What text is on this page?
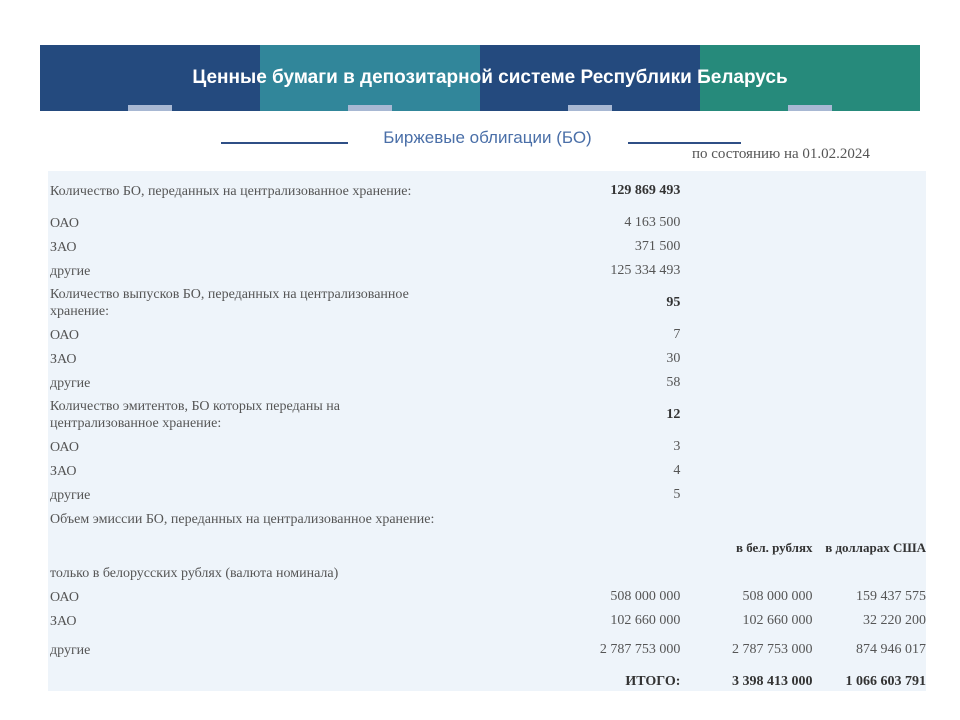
Ценные бумаги в депозитарной системе Республики Беларусь
Биржевые облигации (БО)
по состоянию на 01.02.2024
Количество БО, переданных на централизованное хранение:	129 869 493		
ОАО	4 163 500		
ЗАО	371 500		
другие	125 334 493		
Количество выпусков БО, переданных на централизованное хранение:	95		
ОАО	7		
ЗАО	30		
другие	58		
Количество эмитентов, БО которых переданы на централизованное хранение:	12		
ОАО	3		
ЗАО	4		
другие	5		
Объем эмиссии БО, переданных на централизованное хранение:		в бел. рублях	в долларах США
только в белорусских рублях (валюта номинала)			
ОАО	508 000 000	508 000 000	159 437 575
ЗАО	102 660 000	102 660 000	32 220 200
другие	2 787 753 000	2 787 753 000	874 946 017
	ИТОГО:	3 398 413 000	1 066 603 791
